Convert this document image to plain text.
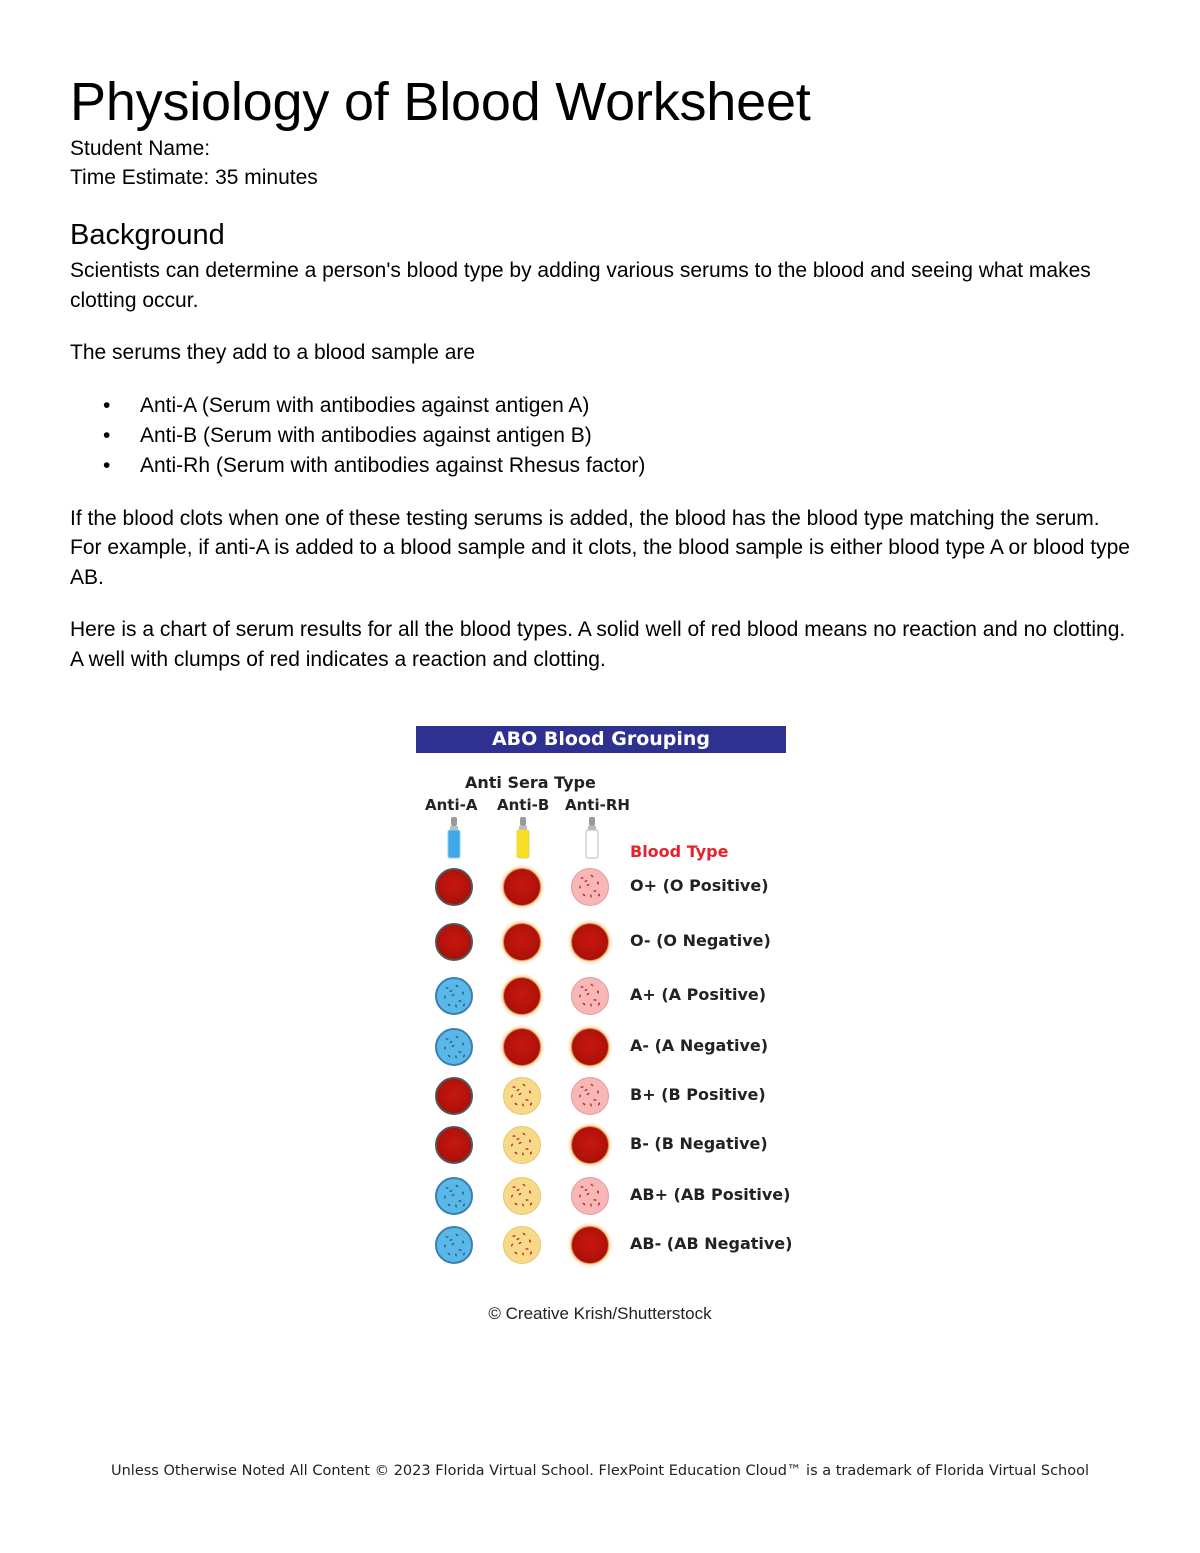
Physiology of Blood Worksheet
Student Name:
Time Estimate: 35 minutes
Background

Scientists can determine a person's blood type by adding various serums to the blood and seeing what makes clotting occur.

The serums they add to a blood sample are

• Anti-A (Serum with antibodies against antigen A)
• Anti-B (Serum with antibodies against antigen B)
• Anti-Rh (Serum with antibodies against Rhesus factor)

If the blood clots when one of these testing serums is added, the blood has the blood type matching the serum. For example, if anti-A is added to a blood sample and it clots, the blood sample is either blood type A or blood type AB.

Here is a chart of serum results for all the blood types. A solid well of red blood means no reaction and no clotting. A well with clumps of red indicates a reaction and clotting.

ABO Blood Grouping Interpretation
Anti Sera Type
Anti-A Anti-B Anti-RH
Blood Type
O+ (O Positive)
O- (O Negative)
A+ (A Positive)
A- (A Negative)
B+ (B Positive)
B- (B Negative)
AB+ (AB Positive)
AB- (AB Negative)
© Creative Krish/Shutterstock
Unless Otherwise Noted All Content © 2023 Florida Virtual School. FlexPoint Education Cloud™ is a trademark of Florida Virtual School
